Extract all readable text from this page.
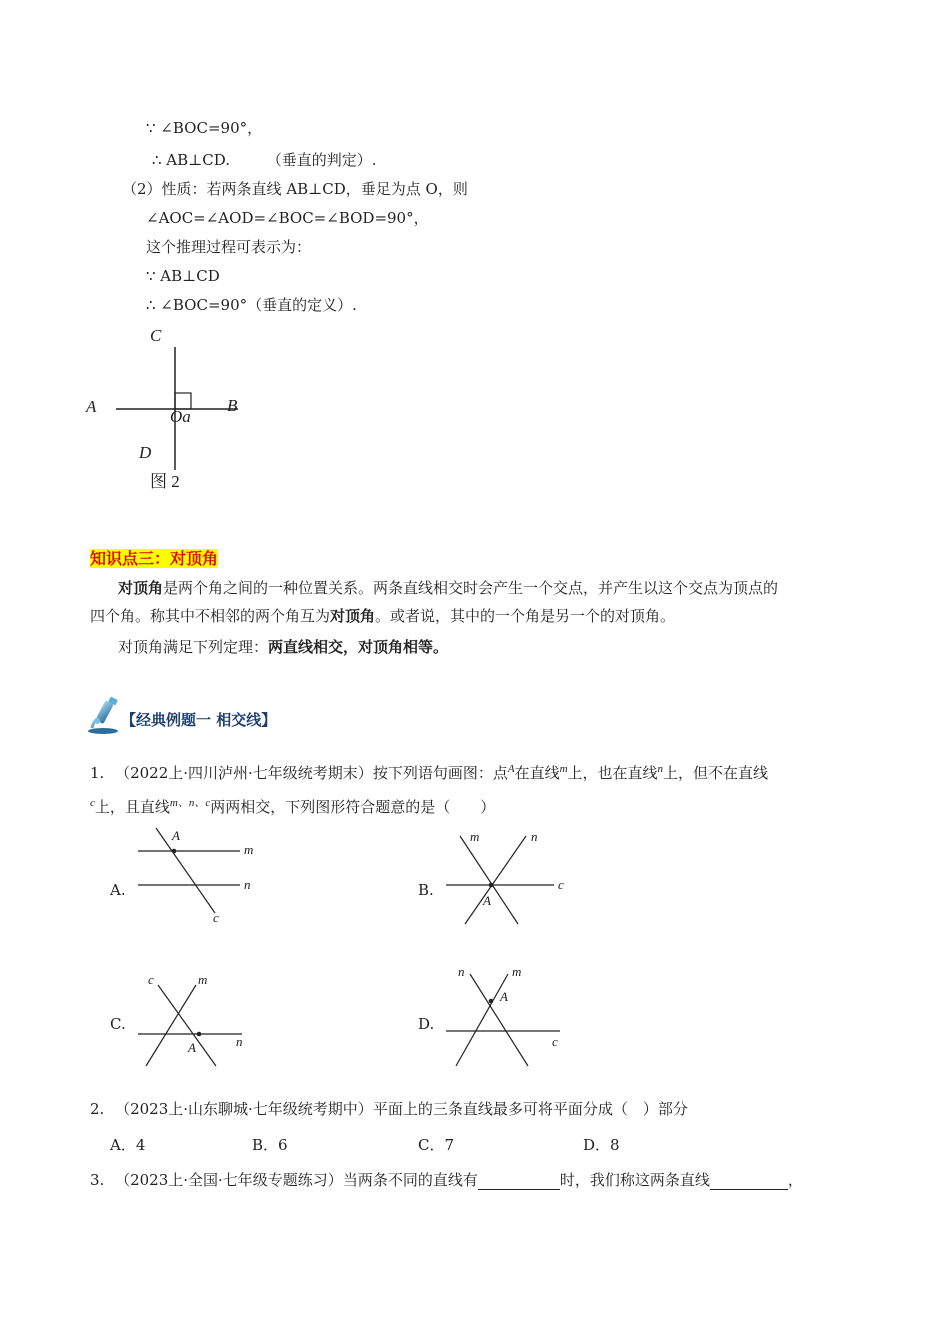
∵ ∠BOC=90°，
∴ AB⊥CD. （垂直的判定）.
（2）性质：若两条直线 AB⊥CD，垂足为点 O，则
∠AOC=∠AOD=∠BOC=∠BOD=90°，
这个推理过程可表示为：
∵ AB⊥CD
∴ ∠BOC=90°（垂直的定义）.
C
A	B
Oa
D
图 2
知识点三：对顶角
对顶角是两个角之间的一种位置关系。两条直线相交时会产生一个交点，并产生以这个交点为顶点的
四个角。称其中不相邻的两个角互为对顶角。或者说，其中的一个角是另一个的对顶角。
对顶角满足下列定理：两直线相交，对顶角相等。
【经典例题一 相交线】
1. （2022上·四川泸州·七年级统考期末）按下列语句画图：点$^A$在直线$^m$上，也在直线$^n$上，但不在直线
$^c$上，且直线$^{m、n、c}$两两相交，下列图形符合题意的是（　　）
A.
A
m
n
c
B.
m	n
c
A
C.
c	m
A	n
D.
n	m
A
c
2. （2023上·山东聊城·七年级统考期中）平面上的三条直线最多可将平面分成（　）部分
A．4	B．6	C．7	D．8
3. （2023上·全国·七年级专题练习）当两条不同的直线有	时，我们称这两条直线	，
